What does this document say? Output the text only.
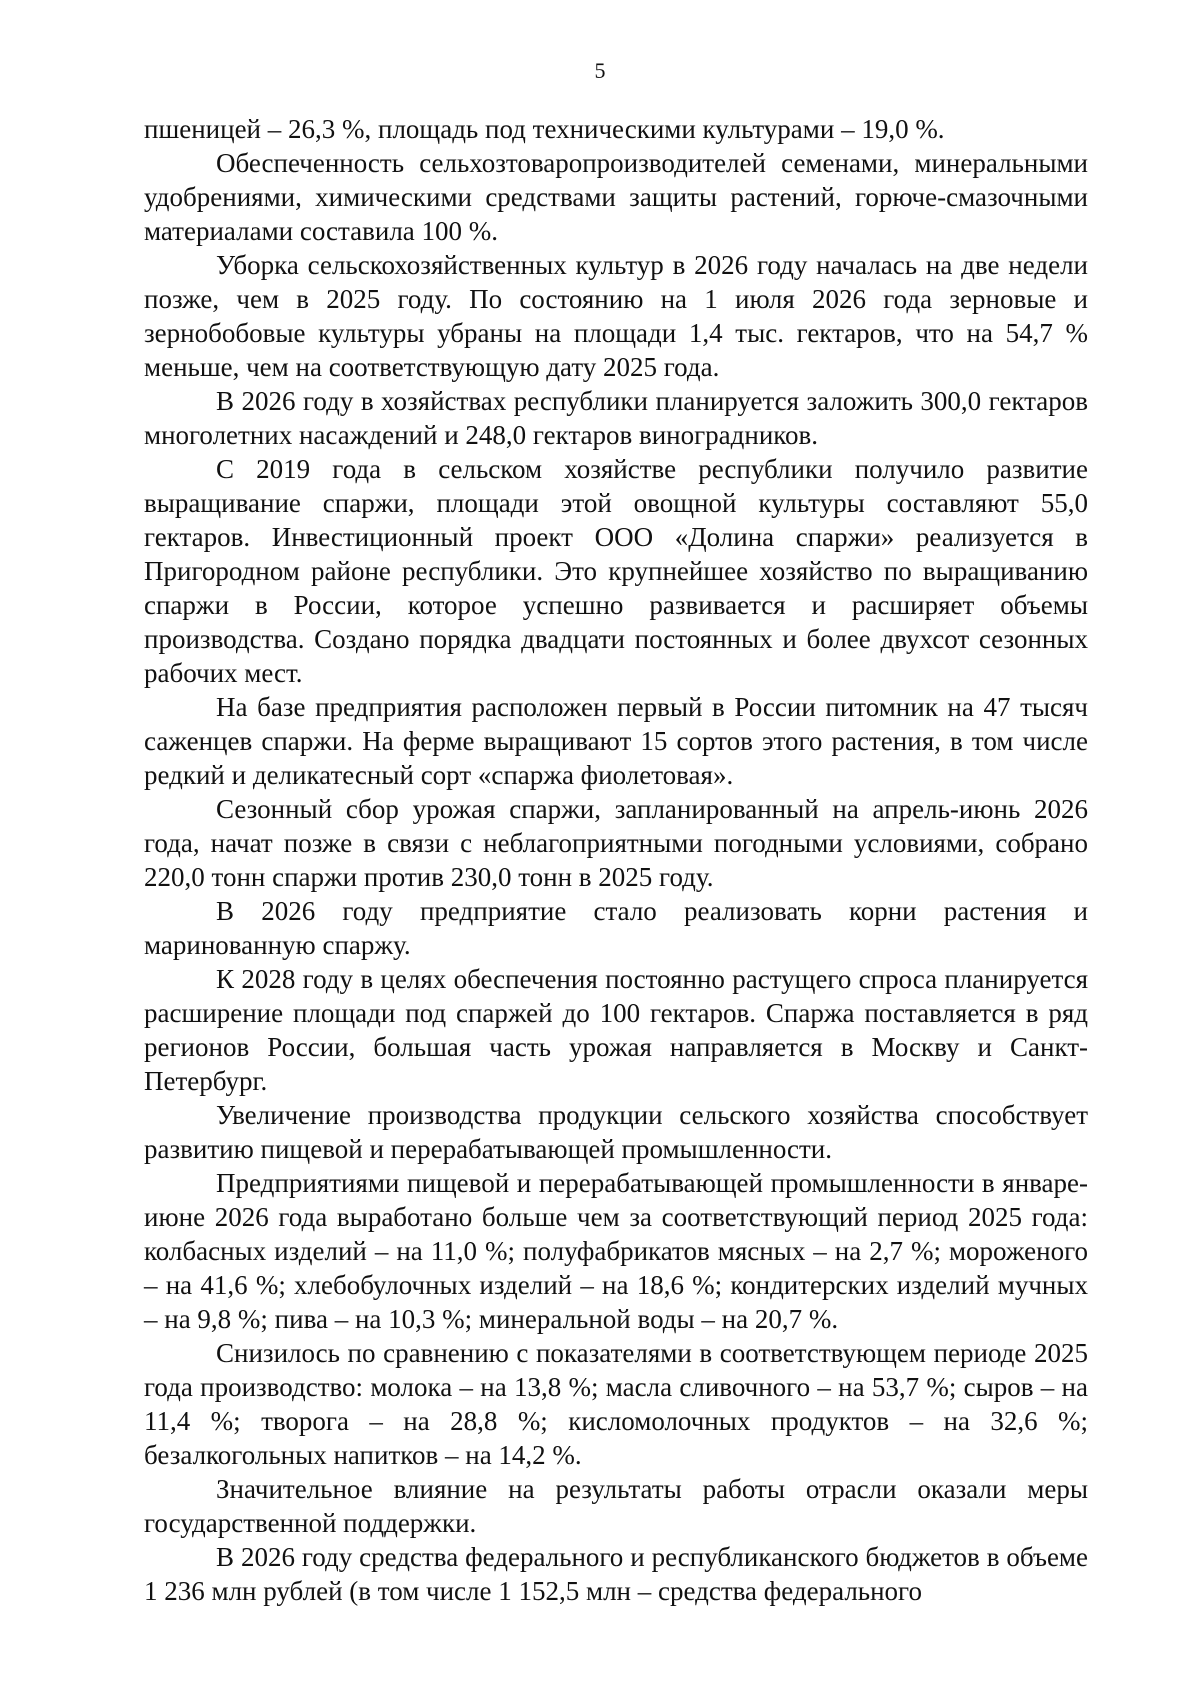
5

пшеницей – 26,3 %, площадь под техническими культурами – 19,0 %.

Обеспеченность сельхозтоваропроизводителей семенами, минеральными удобрениями, химическими средствами защиты растений, горюче-смазочными материалами составила 100 %.

Уборка сельскохозяйственных культур в 2026 году началась на две недели позже, чем в 2025 году. По состоянию на 1 июля 2026 года зерновые и зернобобовые культуры убраны на площади 1,4 тыс. гектаров, что на 54,7 % меньше, чем на соответствующую дату 2025 года.

В 2026 году в хозяйствах республики планируется заложить 300,0 гектаров многолетних насаждений и 248,0 гектаров виноградников.

С 2019 года в сельском хозяйстве республики получило развитие выращивание спаржи, площади этой овощной культуры составляют 55,0 гектаров. Инвестиционный проект ООО «Долина спаржи» реализуется в Пригородном районе республики. Это крупнейшее хозяйство по выращиванию спаржи в России, которое успешно развивается и расширяет объемы производства. Создано порядка двадцати постоянных и более двухсот сезонных рабочих мест.

На базе предприятия расположен первый в России питомник на 47 тысяч саженцев спаржи. На ферме выращивают 15 сортов этого растения, в том числе редкий и деликатесный сорт «спаржа фиолетовая».

Сезонный сбор урожая спаржи, запланированный на апрель-июнь 2026 года, начат позже в связи с неблагоприятными погодными условиями, собрано 220,0 тонн спаржи против 230,0 тонн в 2025 году.

В 2026 году предприятие стало реализовать корни растения и маринованную спаржу.

К 2028 году в целях обеспечения постоянно растущего спроса планируется расширение площади под спаржей до 100 гектаров. Спаржа поставляется в ряд регионов России, большая часть урожая направляется в Москву и Санкт-Петербург.

Увеличение производства продукции сельского хозяйства способствует развитию пищевой и перерабатывающей промышленности.

Предприятиями пищевой и перерабатывающей промышленности в январе-июне 2026 года выработано больше чем за соответствующий период 2025 года: колбасных изделий – на 11,0 %; полуфабрикатов мясных – на 2,7 %; мороженого – на 41,6 %; хлебобулочных изделий – на 18,6 %; кондитерских изделий мучных – на 9,8 %; пива – на 10,3 %; минеральной воды – на 20,7 %.

Снизилось по сравнению с показателями в соответствующем периоде 2025 года производство: молока – на 13,8 %; масла сливочного – на 53,7 %; сыров – на 11,4 %; творога – на 28,8 %; кисломолочных продуктов – на 32,6 %; безалкогольных напитков – на 14,2 %.

Значительное влияние на результаты работы отрасли оказали меры государственной поддержки.

В 2026 году средства федерального и республиканского бюджетов в объеме 1 236 млн рублей (в том числе 1 152,5 млн – средства федерального
